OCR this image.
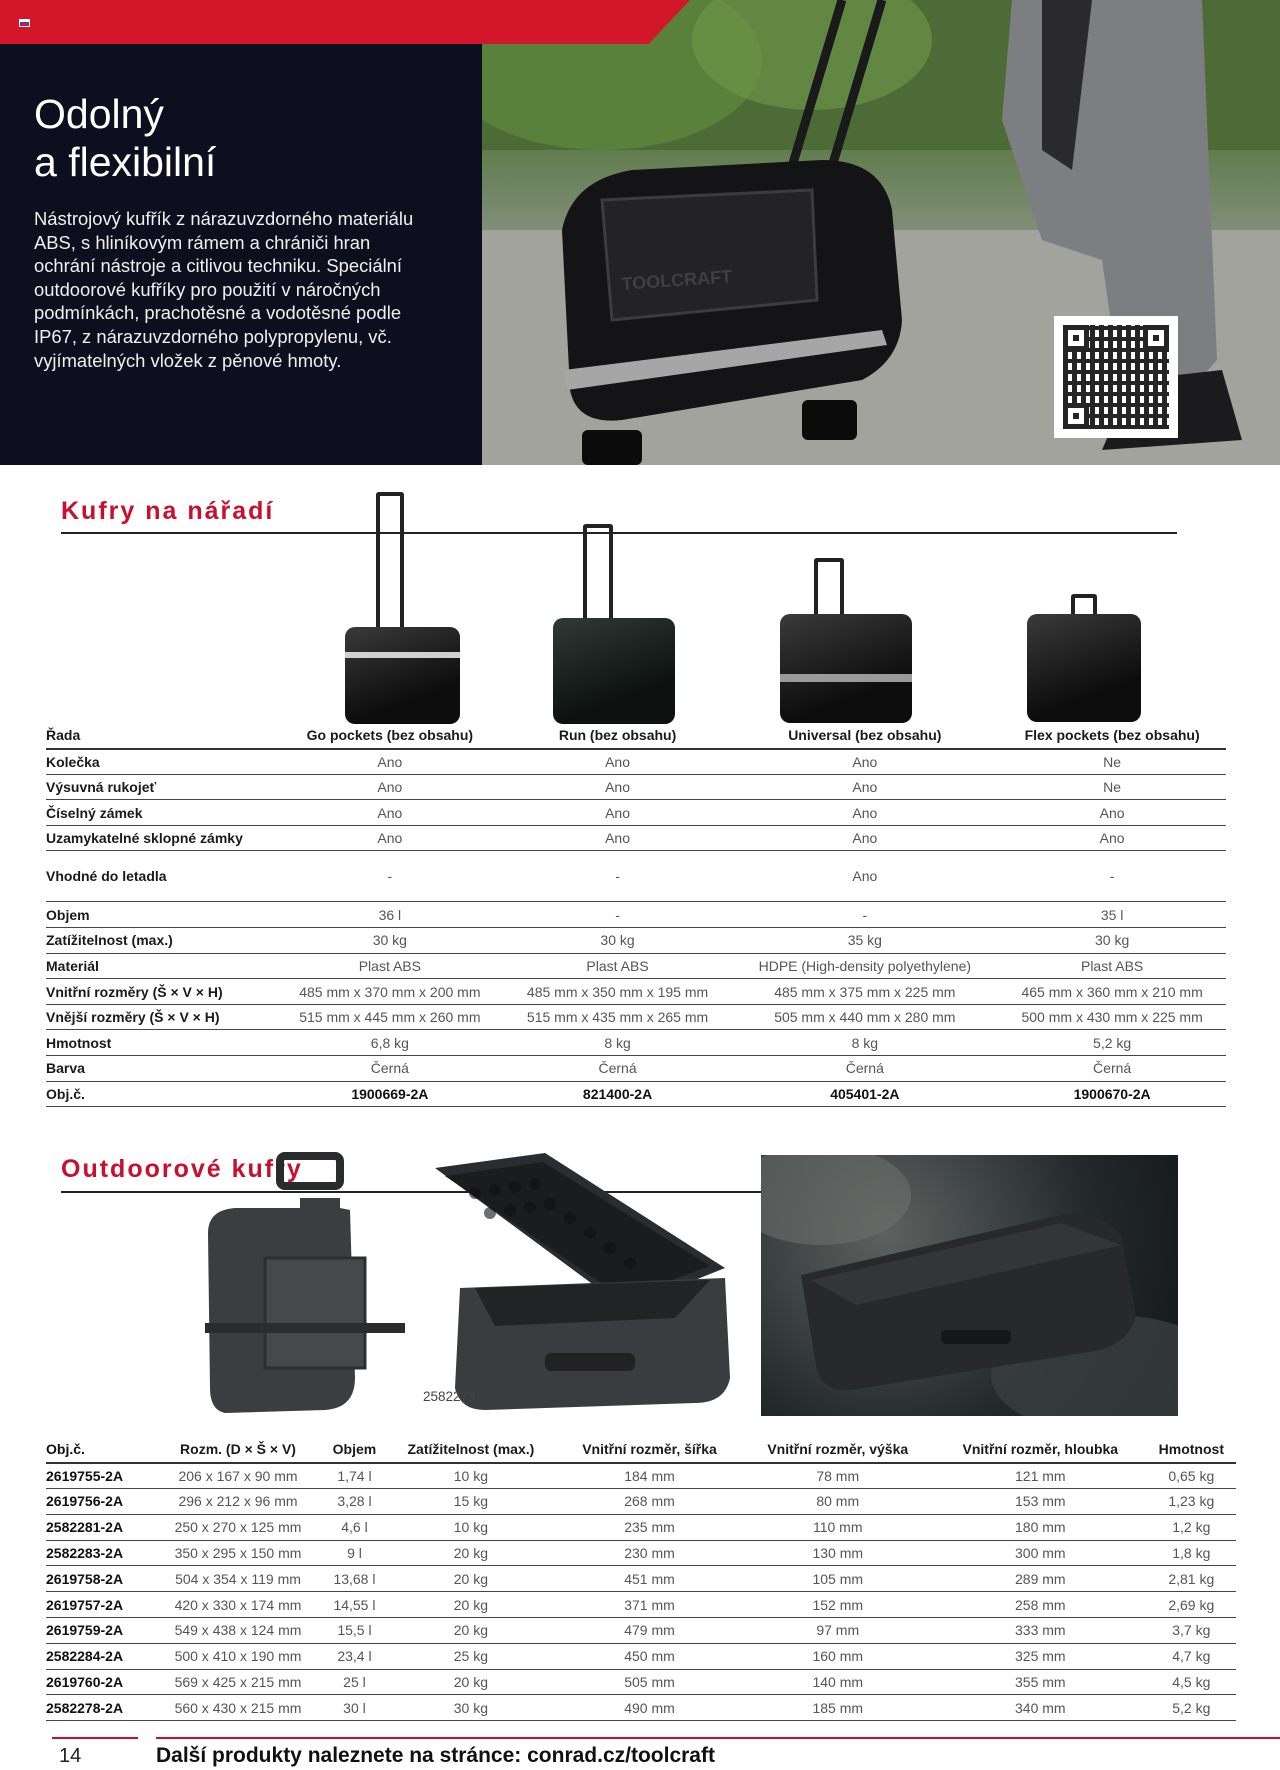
TOOLCRAFT
Odolný
a flexibilní

Nástrojový kufřík z nárazuvzdorného materiálu ABS, s hliníkovým rámem a chrániči hran ochrání nástroje a citlivou techniku. Speciální outdoorové kufříky pro použití v náročných podmínkách, prachotěsné a vodotěsné podle IP67, z nárazuvzdorného polypropylenu, vč. vyjímatelných vložek z pěnové hmoty.

Kufry na nářadí
Řada	Go pockets (bez obsahu)	Run (bez obsahu)	Universal (bez obsahu)	Flex pockets (bez obsahu)
Kolečka	Ano	Ano	Ano	Ne
Výsuvná rukojeť	Ano	Ano	Ano	Ne
Číselný zámek	Ano	Ano	Ano	Ano
Uzamykatelné sklopné zámky	Ano	Ano	Ano	Ano
Vhodné do letadla	-	-	Ano	-
Objem	36 l	-	-	35 l
Zatížitelnost (max.)	30 kg	30 kg	35 kg	30 kg
Materiál	Plast ABS	Plast ABS	HDPE (High-density polyethylene)	Plast ABS
Vnitřní rozměry (Š × V × H)	485 mm x 370 mm x 200 mm	485 mm x 350 mm x 195 mm	485 mm x 375 mm x 225 mm	465 mm x 360 mm x 210 mm
Vnější rozměry (Š × V × H)	515 mm x 445 mm x 260 mm	515 mm x 435 mm x 265 mm	505 mm x 440 mm x 280 mm	500 mm x 430 mm x 225 mm
Hmotnost	6,8 kg	8 kg	8 kg	5,2 kg
Barva	Černá	Černá	Černá	Černá
Obj.č.	1900669-2A	821400-2A	405401-2A	1900670-2A
Outdoorové kufry
2582278
Obj.č.	Rozm. (D × Š × V)	Objem	Zatížitelnost (max.)	Vnitřní rozměr, šířka	Vnitřní rozměr, výška	Vnitřní rozměr, hloubka	Hmotnost
2619755-2A	206 x 167 x 90 mm	1,74 l	10 kg	184 mm	78 mm	121 mm	0,65 kg
2619756-2A	296 x 212 x 96 mm	3,28 l	15 kg	268 mm	80 mm	153 mm	1,23 kg
2582281-2A	250 x 270 x 125 mm	4,6 l	10 kg	235 mm	110 mm	180 mm	1,2 kg
2582283-2A	350 x 295 x 150 mm	9 l	20 kg	230 mm	130 mm	300 mm	1,8 kg
2619758-2A	504 x 354 x 119 mm	13,68 l	20 kg	451 mm	105 mm	289 mm	2,81 kg
2619757-2A	420 x 330 x 174 mm	14,55 l	20 kg	371 mm	152 mm	258 mm	2,69 kg
2619759-2A	549 x 438 x 124 mm	15,5 l	20 kg	479 mm	97 mm	333 mm	3,7 kg
2582284-2A	500 x 410 x 190 mm	23,4 l	25 kg	450 mm	160 mm	325 mm	4,7 kg
2619760-2A	569 x 425 x 215 mm	25 l	20 kg	505 mm	140 mm	355 mm	4,5 kg
2582278-2A	560 x 430 x 215 mm	30 l	30 kg	490 mm	185 mm	340 mm	5,2 kg
14	Další produkty naleznete na stránce: conrad.cz/toolcraft
